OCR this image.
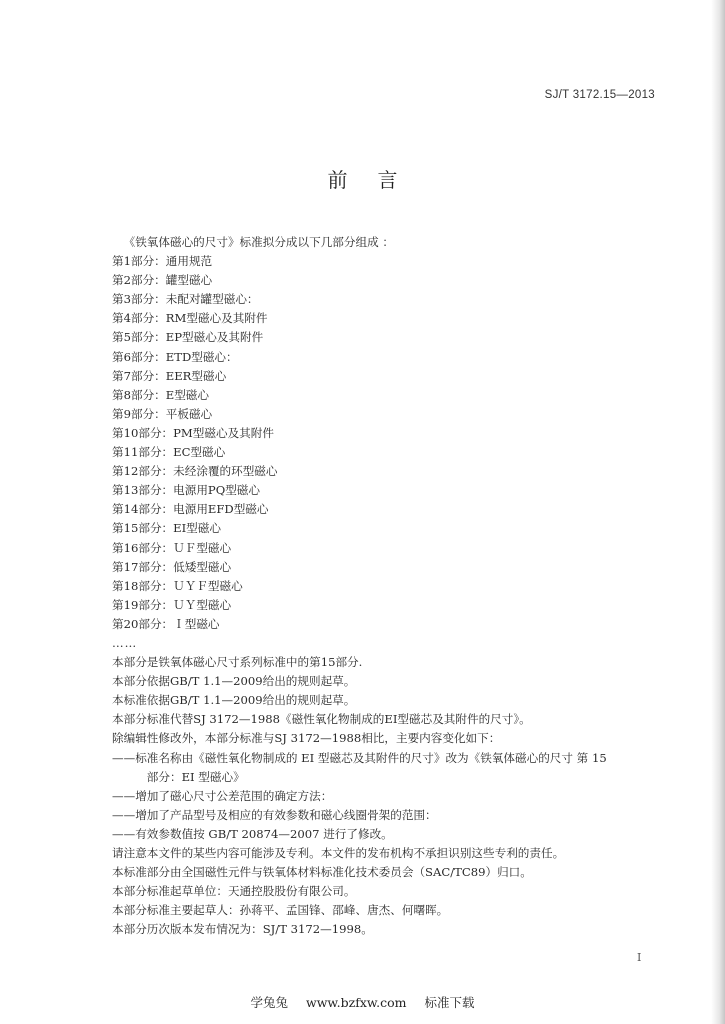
SJ/T 3172.15—2013
前言
《铁氧体磁心的尺寸》标准拟分成以下几部分组成 ：
第1部分：通用规范
第2部分：罐型磁心
第3部分：未配对罐型磁心：
第4部分：RM型磁心及其附件
第5部分：EP型磁心及其附件
第6部分：ETD型磁心：
第7部分：EER型磁心
第8部分：E型磁心
第9部分：平板磁心
第10部分：PM型磁心及其附件
第11部分：EC型磁心
第12部分：未经涂覆的环型磁心
第13部分：电源用PQ型磁心
第14部分：电源用EFD型磁心
第15部分：EI型磁心
第16部分：ＵＦ型磁心
第17部分：低矮型磁心
第18部分：ＵＹＦ型磁心
第19部分：ＵＹ型磁心
第20部分：Ｉ型磁心
……
本部分是铁氧体磁心尺寸系列标准中的第15部分.
本部分依据GB/T 1.1—2009给出的规则起草。
本标准依据GB/T 1.1—2009给出的规则起草。
本部分标准代替SJ 3172—1988《磁性氧化物制成的EI型磁芯及其附件的尺寸》。
除编辑性修改外，本部分标准与SJ 3172—1988相比，主要内容变化如下：
——标准名称由《磁性氧化物制成的 EI 型磁芯及其附件的尺寸》改为《铁氧体磁心的尺寸 第 15
部分：EI 型磁心》
——增加了磁心尺寸公差范围的确定方法：
——增加了产品型号及相应的有效参数和磁心线圈骨架的范围：
——有效参数值按 GB/T 20874—2007 进行了修改。
请注意本文件的某些内容可能涉及专利。本文件的发布机构不承担识别这些专利的责任。
本标准部分由全国磁性元件与铁氧体材料标准化技术委员会（SAC/TC89）归口。
本部分标准起草单位：天通控股股份有限公司。
本部分标准主要起草人：孙蒋平、孟国锋、邵峰、唐杰、何曙晖。
本部分历次版本发布情况为：SJ/T 3172—1998。
I
学兔兔 www.bzfxw.com 标准下载
